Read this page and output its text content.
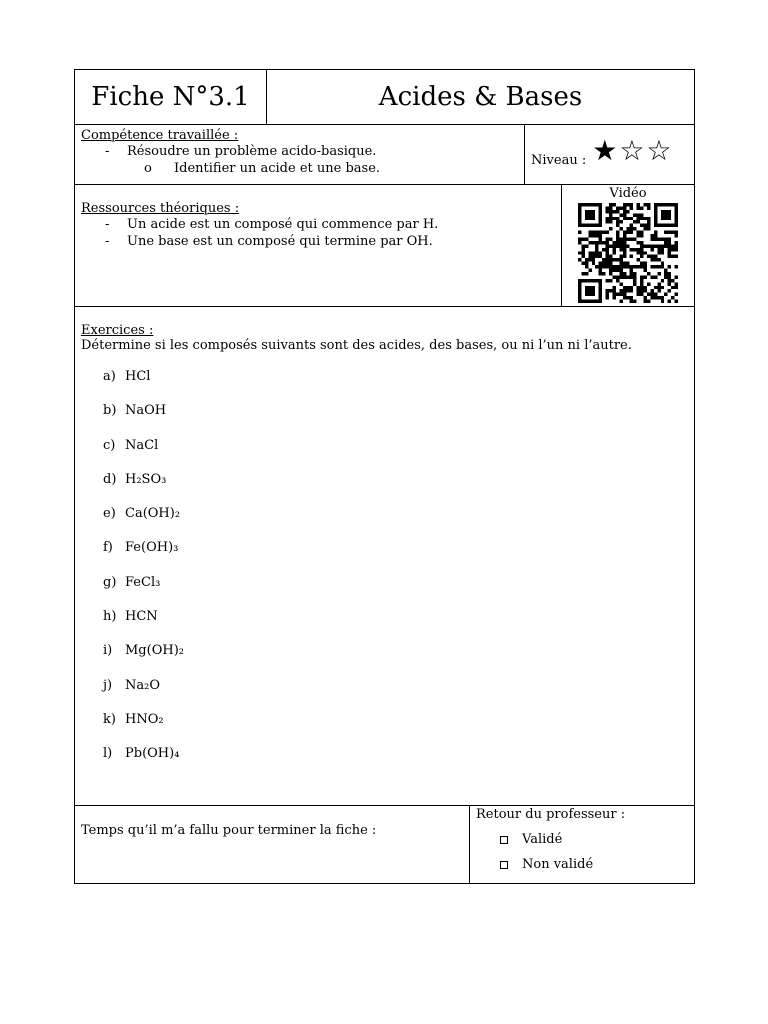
Fiche N°3.1	Acides & Bases
Compétence travaillée :
-	Résoudre un problème acido-basique.
o	Identifier un acide et une base.
Niveau : ★☆☆
Ressources théoriques :
-	Un acide est un composé qui commence par H.
-	Une base est un composé qui termine par OH.
Vidéo
Exercices :
Détermine si les composés suivants sont des acides, des bases, ou ni l’un ni l’autre.
a) HCl
b) NaOH
c) NaCl
d) H₂SO₃
e) Ca(OH)₂
f) Fe(OH)₃
g) FeCl₃
h) HCN
i) Mg(OH)₂
j) Na₂O
k) HNO₂
l) Pb(OH)₄
Temps qu’il m’a fallu pour terminer la fiche :
Retour du professeur :
Validé
Non validé
